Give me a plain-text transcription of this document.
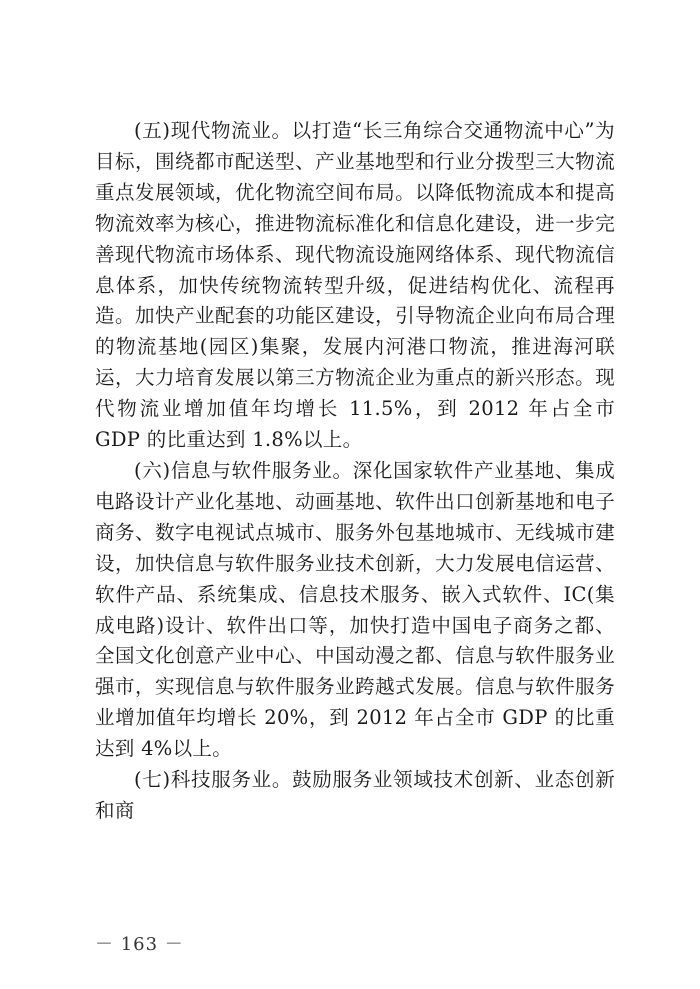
(五)现代物流业。以打造“长三角综合交通物流中心”为目标，围绕都市配送型、产业基地型和行业分拨型三大物流重点发展领域，优化物流空间布局。以降低物流成本和提高物流效率为核心，推进物流标准化和信息化建设，进一步完善现代物流市场体系、现代物流设施网络体系、现代物流信息体系，加快传统物流转型升级，促进结构优化、流程再造。加快产业配套的功能区建设，引导物流企业向布局合理的物流基地(园区)集聚，发展内河港口物流，推进海河联运，大力培育发展以第三方物流企业为重点的新兴形态。现代物流业增加值年均增长 11.5%，到 2012 年占全市 GDP 的比重达到 1.8%以上。

(六)信息与软件服务业。深化国家软件产业基地、集成电路设计产业化基地、动画基地、软件出口创新基地和电子商务、数字电视试点城市、服务外包基地城市、无线城市建设，加快信息与软件服务业技术创新，大力发展电信运营、软件产品、系统集成、信息技术服务、嵌入式软件、IC(集成电路)设计、软件出口等，加快打造中国电子商务之都、全国文化创意产业中心、中国动漫之都、信息与软件服务业强市，实现信息与软件服务业跨越式发展。信息与软件服务业增加值年均增长 20%，到 2012 年占全市 GDP 的比重达到 4%以上。

(七)科技服务业。鼓励服务业领域技术创新、业态创新和商

－ 163 －
